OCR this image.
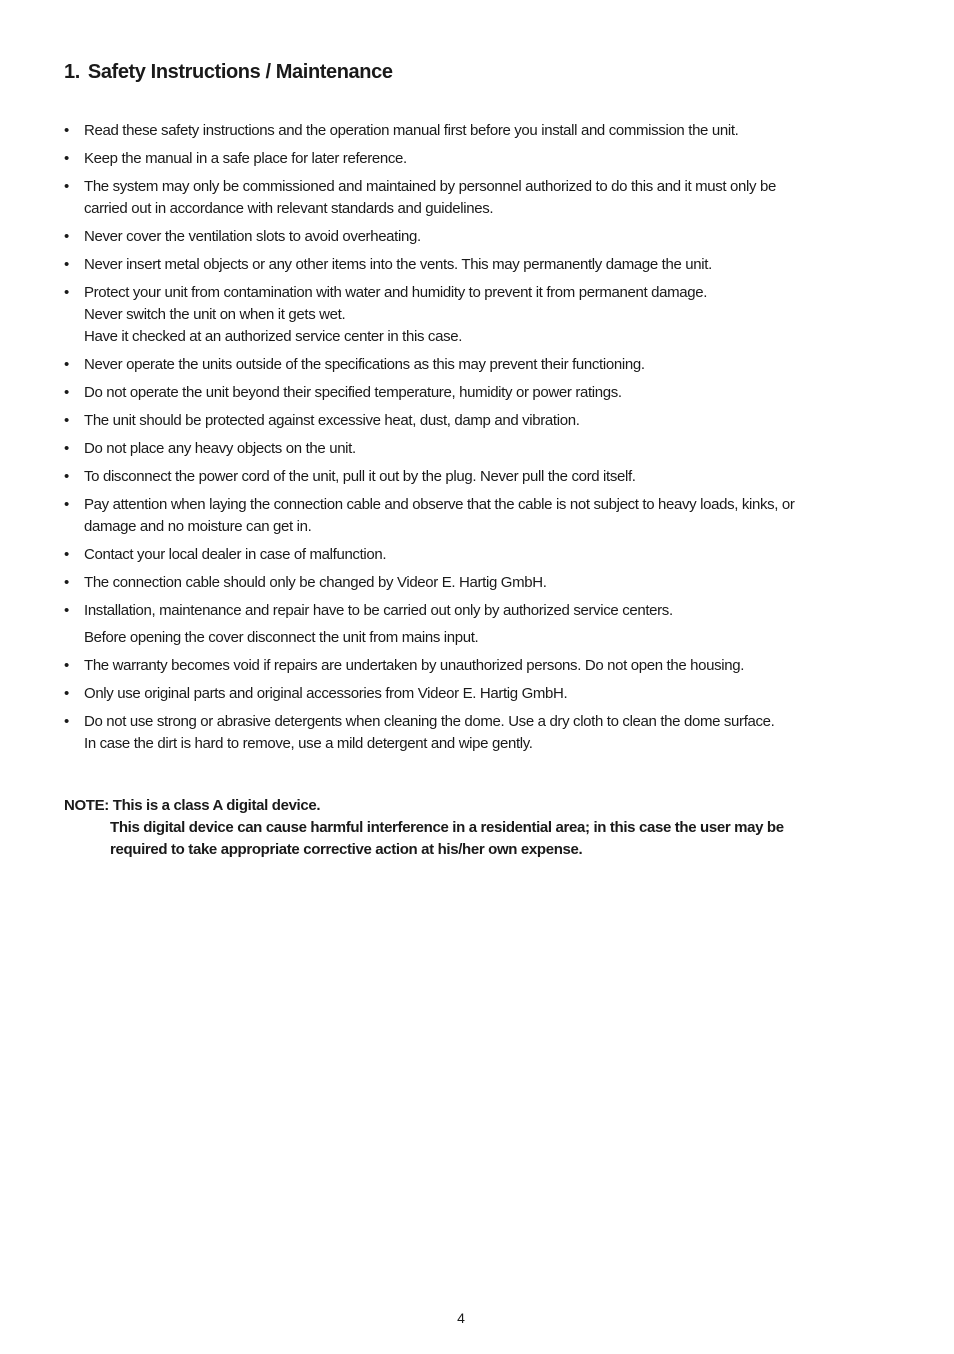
1. Safety Instructions / Maintenance
• Read these safety instructions and the operation manual first before you install and commission the unit.
• Keep the manual in a safe place for later reference.
• The system may only be commissioned and maintained by personnel authorized to do this and it must only be
carried out in accordance with relevant standards and guidelines.
• Never cover the ventilation slots to avoid overheating.
• Never insert metal objects or any other items into the vents. This may permanently damage the unit.
• Protect your unit from contamination with water and humidity to prevent it from permanent damage.
Never switch the unit on when it gets wet.
Have it checked at an authorized service center in this case.
• Never operate the units outside of the specifications as this may prevent their functioning.
• Do not operate the unit beyond their specified temperature, humidity or power ratings.
• The unit should be protected against excessive heat, dust, damp and vibration.
• Do not place any heavy objects on the unit.
• To disconnect the power cord of the unit, pull it out by the plug. Never pull the cord itself.
• Pay attention when laying the connection cable and observe that the cable is not subject to heavy loads, kinks, or
damage and no moisture can get in.
• Contact your local dealer in case of malfunction.
• The connection cable should only be changed by Videor E. Hartig GmbH.
• Installation, maintenance and repair have to be carried out only by authorized service centers.
Before opening the cover disconnect the unit from mains input.
• The warranty becomes void if repairs are undertaken by unauthorized persons. Do not open the housing.
• Only use original parts and original accessories from Videor E. Hartig GmbH.
• Do not use strong or abrasive detergents when cleaning the dome. Use a dry cloth to clean the dome surface.
In case the dirt is hard to remove, use a mild detergent and wipe gently.
NOTE: This is a class A digital device.
This digital device can cause harmful interference in a residential area; in this case the user may be
required to take appropriate corrective action at his/her own expense.
4
